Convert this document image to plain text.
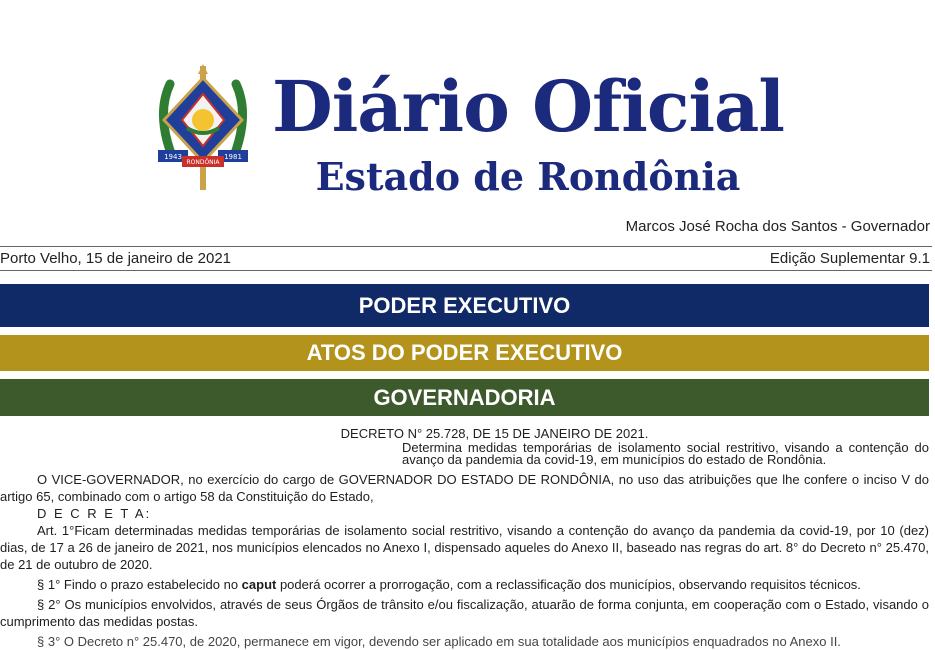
1943	1981
RONDÔNIA
Diário Oficial
Estado de Rondônia
Marcos José Rocha dos Santos - Governador
Porto Velho, 15 de janeiro de 2021	Edição Suplementar 9.1
PODER EXECUTIVO
ATOS DO PODER EXECUTIVO
GOVERNADORIA
DECRETO N° 25.728, DE 15 DE JANEIRO DE 2021.
Determina medidas temporárias de isolamento social restritivo, visando a contenção do avanço da pandemia da covid-19, em municípios do estado de Rondônia.

O VICE-GOVERNADOR, no exercício do cargo de GOVERNADOR DO ESTADO DE RONDÔNIA, no uso das atribuições que lhe confere o inciso V do artigo 65, combinado com o artigo 58 da Constituição do Estado,

D E C R E T A:

Art. 1°Ficam determinadas medidas temporárias de isolamento social restritivo, visando a contenção do avanço da pandemia da covid-19, por 10 (dez) dias, de 17 a 26 de janeiro de 2021, nos municípios elencados no Anexo I, dispensado aqueles do Anexo II, baseado nas regras do art. 8° do Decreto n° 25.470, de 21 de outubro de 2020.

§ 1° Findo o prazo estabelecido no caput poderá ocorrer a prorrogação, com a reclassificação dos municípios, observando requisitos técnicos.

§ 2° Os municípios envolvidos, através de seus Órgãos de trânsito e/ou fiscalização, atuarão de forma conjunta, em cooperação com o Estado, visando o cumprimento das medidas postas.

§ 3° O Decreto n° 25.470, de 2020, permanece em vigor, devendo ser aplicado em sua totalidade aos municípios enquadrados no Anexo II.
